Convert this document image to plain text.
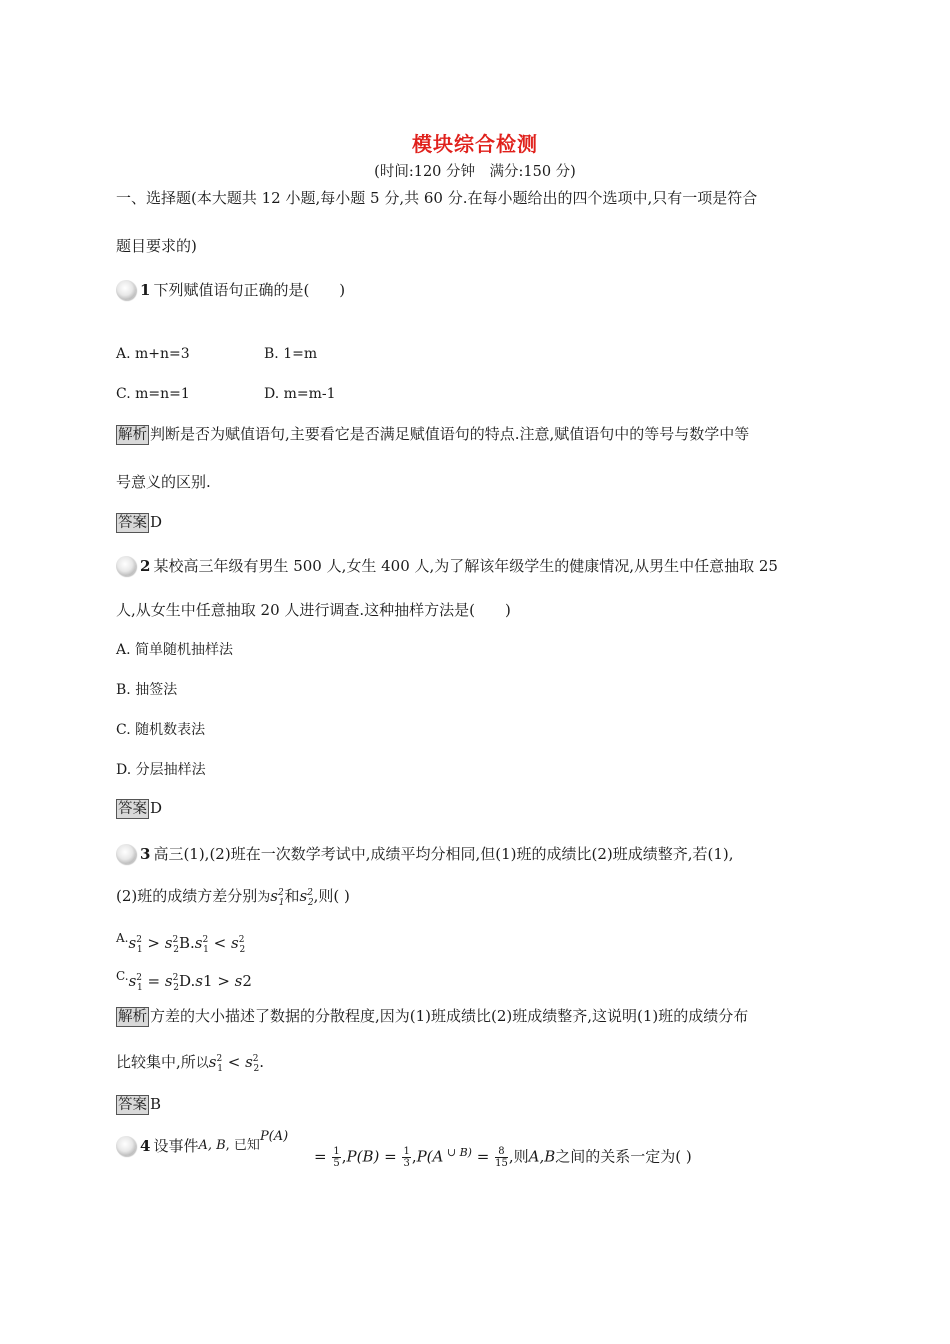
模块综合检测
(时间:120 分钟　满分:150 分)
一、选择题(本大题共 12 小题,每小题 5 分,共 60 分.在每小题给出的四个选项中,只有一项是符合
题目要求的)
1 下列赋值语句正确的是(　　)
A. m+n=3	B. 1=m
C. m=n=1	D. m=m-1
解析 判断是否为赋值语句,主要看它是否满足赋值语句的特点.注意,赋值语句中的等号与数学中等
号意义的区别.
答案 D
2 某校高三年级有男生 500 人,女生 400 人,为了解该年级学生的健康情况,从男生中任意抽取 25
人,从女生中任意抽取 20 人进行调查.这种抽样方法是(　　)
A. 简单随机抽样法
B. 抽签法
C. 随机数表法
D. 分层抽样法
答案 D
3 高三(1),(2)班在一次数学考试中,成绩平均分相同,但(1)班的成绩比(2)班成绩整齐,若(1),
(2)班的成绩方差分别为$s^2_1$和$s^2_2$,则( )
$^{A.}s^2_1 > s^2_2B.s^2_1 < s^2_2$
$^{C.}s^2_1 = s^2_2D.s1 > s2$
解析 方差的大小描述了数据的分散程度,因为(1)班成绩比(2)班成绩整齐,这说明(1)班的成绩分布
比较集中,所以$s^2_1 < s^2_2$.
答案 B
4 设事件 A, B , 已知
P(A)
= $\frac{1}{5} ,P(B) = \frac{1}{3} ,P(A$ ∪ $^{B)} = \frac{8}{15}$ ,则A,B之间的关系一定为( )
